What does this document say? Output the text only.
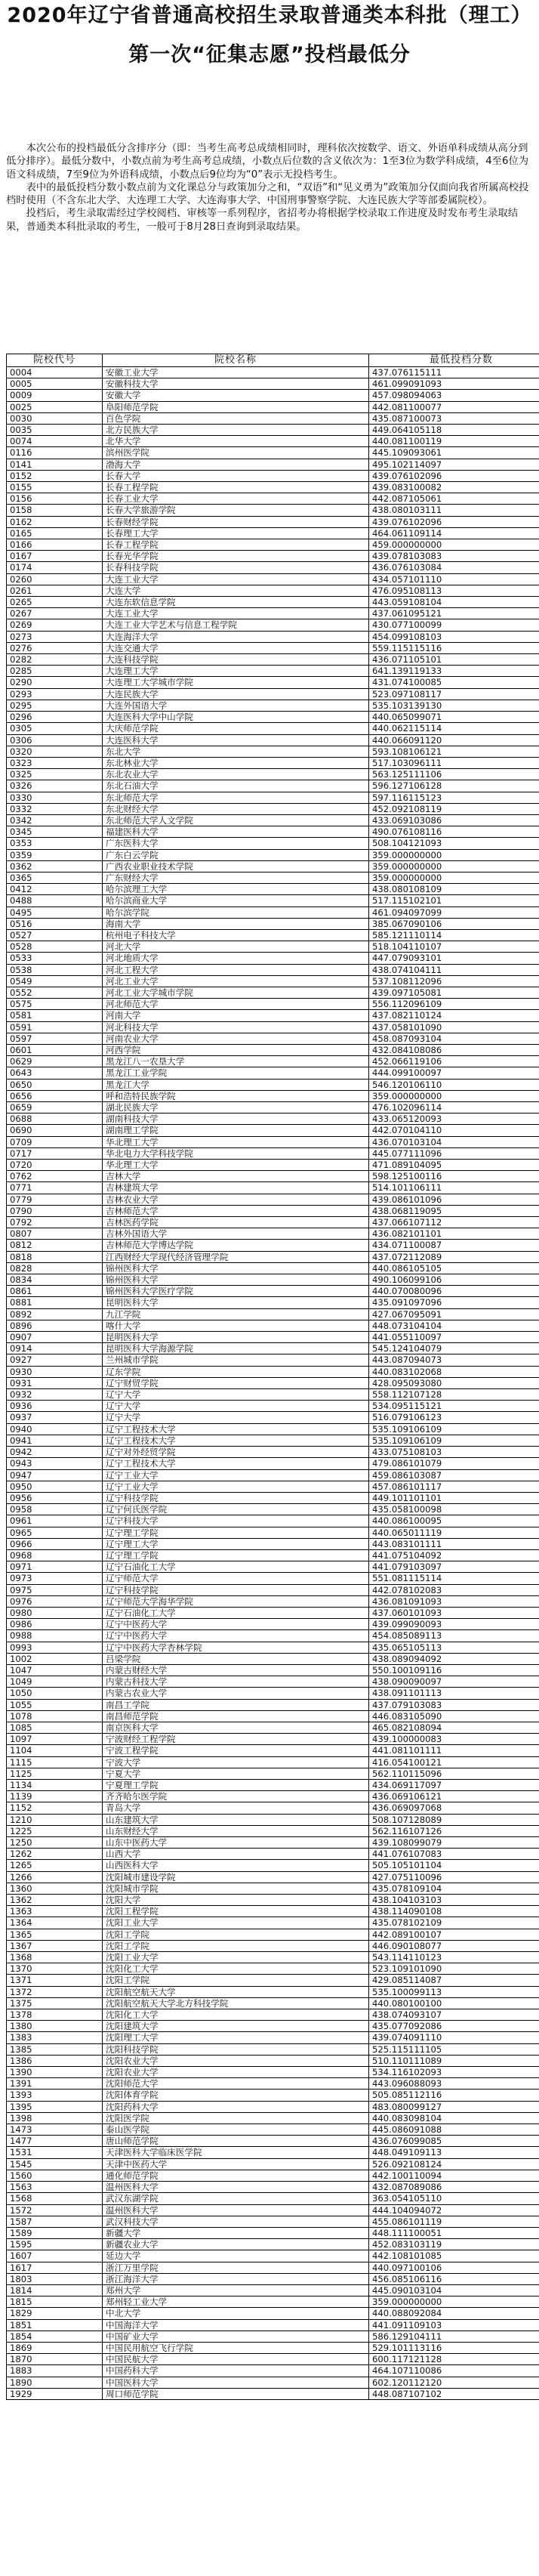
2020年辽宁省普通高校招生录取普通类本科批（理工）
第一次“征集志愿”投档最低分

本次公布的投档最低分含排序分（即：当考生高考总成绩相同时，理科依次按数学、语文、外语单科成绩从高分到低分排序）。最低分数中，小数点前为考生高考总成绩，小数点后位数的含义依次为：1至3位为数学科成绩，4至6位为语文科成绩，7至9位为外语科成绩，小数点后9位均为“0”表示无投档考生。

表中的最低投档分数小数点前为文化课总分与政策加分之和，“双语”和“见义勇为”政策加分仅面向我省所属高校投档时使用（不含东北大学、大连理工大学、大连海事大学、中国刑事警察学院、大连民族大学等部委属院校）。

投档后，考生录取需经过学校阅档、审核等一系列程序，省招考办将根据学校录取工作进度及时发布考生录取结果，普通类本科批录取的考生，一般可于8月28日查询到录取结果。

院校代号	院校名称	最低投档分数
0004	安徽工业大学	437.076115111
0005	安徽科技大学	461.099091093
0009	安徽大学	457.098094063
0025	阜阳师范学院	442.081100077
0030	百色学院	435.087100073
0035	北方民族大学	449.064105118
0074	北华大学	440.081100119
0116	滨州医学院	445.109093061
0141	渤海大学	495.102114097
0152	长春大学	439.076102096
0155	长春工程学院	439.083100082
0156	长春工业大学	442.087105061
0158	长春大学旅游学院	438.080103111
0162	长春财经学院	439.076102096
0165	长春理工大学	464.061109114
0166	长春工程学院	459.000000000
0167	长春光华学院	439.078103083
0174	长春科技学院	436.076103084
0260	大连工业大学	434.057101110
0261	大连大学	476.095108113
0265	大连东软信息学院	443.059108104
0267	大连工业大学	437.061095121
0269	大连工业大学艺术与信息工程学院	430.077100099
0273	大连海洋大学	454.099108103
0276	大连交通大学	559.115115116
0282	大连科技学院	436.071105101
0285	大连理工大学	641.139119133
0290	大连理工大学城市学院	431.074100085
0293	大连民族大学	523.097108117
0295	大连外国语大学	535.103139130
0296	大连医科大学中山学院	440.065099071
0305	大庆师范学院	440.062115114
0306	大连医科大学	440.066091120
0320	东北大学	593.108106121
0323	东北林业大学	517.103096111
0325	东北农业大学	563.125111106
0326	东北石油大学	596.127106128
0330	东北师范大学	597.116115123
0332	东北财经大学	452.092108119
0342	东北师范大学人文学院	433.069103086
0345	福建医科大学	490.076108116
0353	广东医科大学	508.104121093
0359	广东白云学院	359.000000000
0362	广西农业职业技术学院	359.000000000
0365	广东财经大学	359.000000000
0412	哈尔滨理工大学	438.080108109
0488	哈尔滨商业大学	517.115102101
0495	哈尔滨学院	461.094097099
0516	海南大学	385.067090106
0527	杭州电子科技大学	585.121110114
0528	河北大学	518.104110107
0533	河北地质大学	447.079093101
0538	河北工程大学	438.074104111
0549	河北工业大学	537.108112096
0552	河北工业大学城市学院	439.097105081
0575	河北师范大学	556.112096109
0581	河南大学	437.082110124
0591	河北科技大学	437.058101090
0597	河南农业大学	458.087093104
0601	河西学院	432.084108086
0629	黑龙江八一农垦大学	452.066119106
0643	黑龙江工业学院	444.099100097
0650	黑龙江大学	546.120106110
0656	呼和浩特民族学院	359.000000000
0659	湖北民族大学	476.102096114
0688	湖南科技大学	433.065120093
0690	湖南理工学院	442.070104110
0709	华北理工大学	436.070103104
0717	华北电力大学科技学院	445.077111096
0720	华北理工大学	471.089104095
0762	吉林大学	598.125100116
0771	吉林建筑大学	514.101106111
0779	吉林农业大学	439.086101096
0790	吉林师范大学	438.068119095
0792	吉林医药学院	437.066107112
0807	吉林外国语大学	436.082101101
0812	吉林师范大学博达学院	434.071100087
0818	江西财经大学现代经济管理学院	437.072112089
0828	锦州医科大学	440.086105105
0834	锦州医科大学	490.106099106
0861	锦州医科大学医疗学院	440.070080096
0881	昆明医科大学	435.091097096
0892	九江学院	427.067095091
0896	喀什大学	448.073104104
0907	昆明医科大学	441.055110097
0914	昆明医科大学海源学院	545.124104079
0927	兰州城市学院	443.087094073
0930	辽东学院	440.083102068
0931	辽宁财贸学院	428.095093080
0932	辽宁大学	558.112107128
0936	辽宁大学	534.095115121
0937	辽宁大学	516.079106123
0940	辽宁工程技术大学	535.109106109
0941	辽宁工程技术大学	535.109106109
0942	辽宁对外经贸学院	433.075108103
0943	辽宁工程技术大学	479.086101079
0947	辽宁工业大学	459.086103087
0950	辽宁工业大学	457.086101117
0956	辽宁科技学院	449.101101101
0958	辽宁何氏医学院	435.058100098
0961	辽宁科技大学	440.086100095
0965	辽宁理工学院	440.065011119
0966	辽宁理工大学	443.083101111
0968	辽宁理工学院	441.075104092
0971	辽宁石油化工大学	441.079103097
0973	辽宁师范大学	551.081115114
0975	辽宁科技学院	442.078102083
0976	辽宁师范大学海华学院	436.081091093
0980	辽宁石油化工大学	437.060101093
0986	辽宁中医药大学	439.099090093
0988	辽宁中医药大学	454.085089113
0993	辽宁中医药大学杏林学院	435.065105113
1002	吕梁学院	438.089094092
1047	内蒙古财经大学	550.100109116
1049	内蒙古科技大学	438.090090097
1050	内蒙古农业大学	438.091101113
1055	南昌工学院	437.079103083
1078	南昌师范学院	446.083105090
1085	南京医科大学	465.082108094
1097	宁波财经工程学院	439.100000083
1104	宁波工程学院	441.081101111
1115	宁波大学	416.054100121
1125	宁夏大学	562.110115096
1134	宁夏理工学院	434.069117097
1139	齐齐哈尔医学院	436.069106121
1152	青岛大学	436.069097068
1210	山东建筑大学	508.107128089
1225	山东财经大学	562.116107126
1250	山东中医药大学	439.108099079
1262	山西大学	441.076107083
1265	山西医科大学	505.105101104
1266	沈阳城市建设学院	427.075110096
1360	沈阳城市学院	435.078109104
1362	沈阳大学	438.104103103
1363	沈阳工程学院	438.114090108
1364	沈阳工业大学	435.078102109
1365	沈阳工学院	442.089100107
1367	沈阳工学院	446.090108077
1368	沈阳工业大学	543.114110123
1370	沈阳化工大学	523.109101090
1371	沈阳工学院	429.085114087
1372	沈阳航空航天大学	535.100099113
1375	沈阳航空航天大学北方科技学院	440.080100100
1378	沈阳化工大学	438.074093107
1380	沈阳建筑大学	435.077092086
1383	沈阳理工大学	439.074091110
1385	沈阳科技学院	525.115111105
1386	沈阳农业大学	510.110111089
1390	沈阳农业大学	534.116102093
1391	沈阳师范大学	443.096088093
1393	沈阳体育学院	505.085112116
1395	沈阳药科大学	483.080099127
1398	沈阳医学院	440.083098104
1473	泰山医学院	445.086091088
1477	唐山师范学院	436.076099085
1531	天津医科大学临床医学院	448.049109113
1545	天津中医药大学	526.092108124
1560	通化师范学院	442.100110094
1563	温州医科大学	432.087089086
1568	武汉东湖学院	363.054105110
1572	温州医科大学	444.104094072
1587	武汉科技大学	455.086101119
1589	新疆大学	448.111100051
1595	新疆农业大学	452.083103119
1607	延边大学	442.108101085
1617	浙江万里学院	440.097100106
1803	浙江海洋大学	456.085106116
1814	郑州大学	445.090103104
1815	郑州轻工业大学	359.000000000
1829	中北大学	440.088092084
1851	中国海洋大学	441.091109103
1854	中国矿业大学	586.129104111
1869	中国民用航空飞行学院	529.101113116
1870	中国民航大学	600.117121128
1883	中国药科大学	464.107110086
1890	中国医科大学	602.120112120
1929	周口师范学院	448.087107102
